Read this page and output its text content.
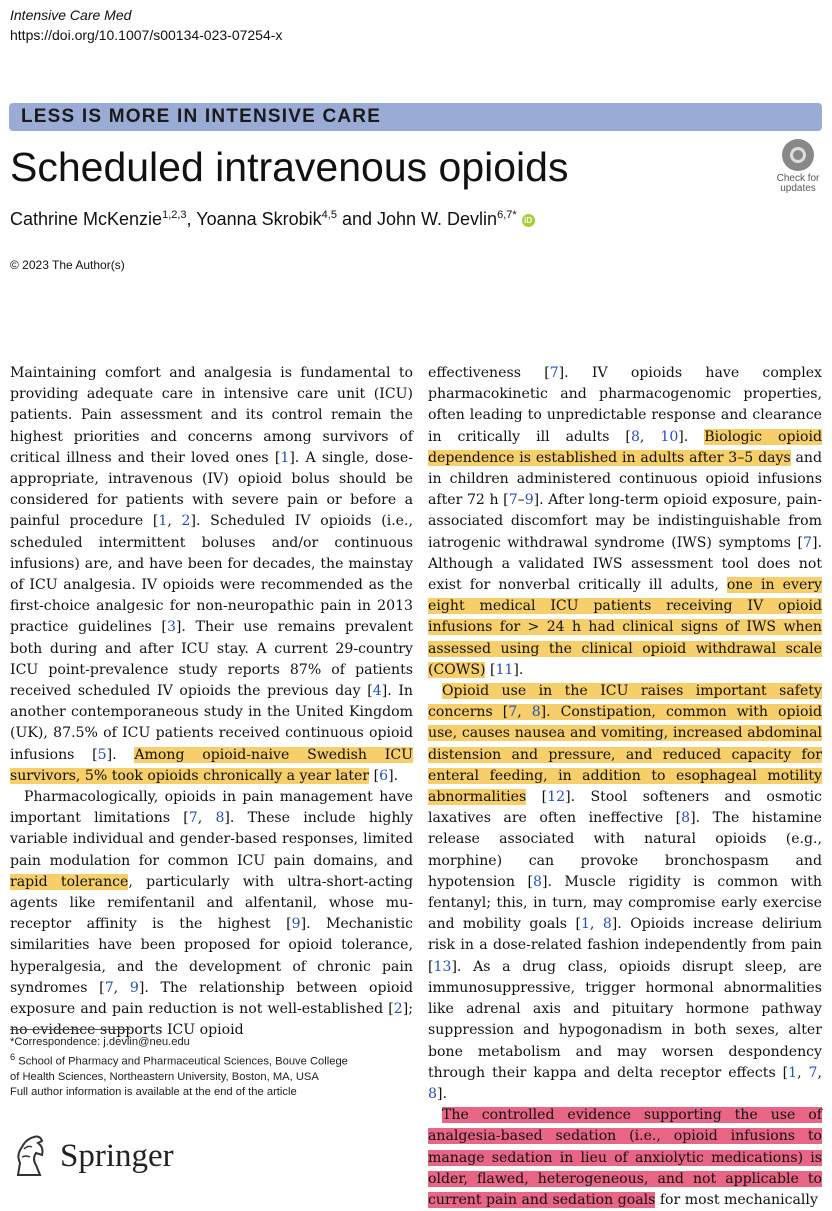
Intensive Care Med
https://doi.org/10.1007/s00134-023-07254-x
LESS IS MORE IN INTENSIVE CARE
Scheduled intravenous opioids	Check for
updates
Cathrine McKenzie$^{1,2,3}$, Yoanna Skrobik$^{4,5}$ and John W. Devlin$^{6,7*}$ iD
© 2023 The Author(s)

Maintaining comfort and analgesia is fundamental to providing adequate care in intensive care unit (ICU) patients. Pain assessment and its control remain the highest priorities and concerns among survivors of critical illness and their loved ones [1]. A single, dose-appropriate, intravenous (IV) opioid bolus should be considered for patients with severe pain or before a painful procedure [1, 2]. Scheduled IV opioids (i.e., scheduled intermittent boluses and/or continuous infusions) are, and have been for decades, the mainstay of ICU analgesia. IV opioids were recommended as the first-choice analgesic for non-neuropathic pain in 2013 practice guidelines [3]. Their use remains prevalent both during and after ICU stay. A current 29-country ICU point-prevalence study reports 87% of patients received scheduled IV opioids the previous day [4]. In another contemporaneous study in the United Kingdom (UK), 87.5% of ICU patients received continuous opioid infusions [5]. Among opioid-naive Swedish ICU survivors, 5% took opioids chronically a year later [6].

Pharmacologically, opioids in pain management have important limitations [7, 8]. These include highly variable individual and gender-based responses, limited pain modulation for common ICU pain domains, and rapid tolerance, particularly with ultra-short-acting agents like remifentanil and alfentanil, whose mu-receptor affinity is the highest [9]. Mechanistic similarities have been proposed for opioid tolerance, hyperalgesia, and the development of chronic pain syndromes [7, 9]. The relationship between opioid exposure and pain reduction is not well-established [2]; no evidence supports ICU opioid

effectiveness [7]. IV opioids have complex pharmacokinetic and pharmacogenomic properties, often leading to unpredictable response and clearance in critically ill adults [8, 10]. Biologic opioid dependence is established in adults after 3–5 days and in children administered continuous opioid infusions after 72 h [7–9]. After long-term opioid exposure, pain-associated discomfort may be indistinguishable from iatrogenic withdrawal syndrome (IWS) symptoms [7]. Although a validated IWS assessment tool does not exist for nonverbal critically ill adults, one in every eight medical ICU patients receiving IV opioid infusions for > 24 h had clinical signs of IWS when assessed using the clinical opioid withdrawal scale (COWS) [11].

Opioid use in the ICU raises important safety concerns [7, 8]. Constipation, common with opioid use, causes nausea and vomiting, increased abdominal distension and pressure, and reduced capacity for enteral feeding, in addition to esophageal motility abnormalities [12]. Stool softeners and osmotic laxatives are often ineffective [8]. The histamine release associated with natural opioids (e.g., morphine) can provoke bronchospasm and hypotension [8]. Muscle rigidity is common with fentanyl; this, in turn, may compromise early exercise and mobility goals [1, 8]. Opioids increase delirium risk in a dose-related fashion independently from pain [13]. As a drug class, opioids disrupt sleep, are immunosuppressive, trigger hormonal abnormalities like adrenal axis and pituitary hormone pathway suppression and hypogonadism in both sexes, alter bone metabolism and may worsen despondency through their kappa and delta receptor effects [1, 7, 8].

The controlled evidence supporting the use of analgesia-based sedation (i.e., opioid infusions to manage sedation in lieu of anxiolytic medications) is older, flawed, heterogeneous, and not applicable to current pain and sedation goals for most mechanically

*Correspondence: j.devlin@neu.edu
$^6$ School of Pharmacy and Pharmaceutical Sciences, Bouve College
of Health Sciences, Northeastern University, Boston, MA, USA
Full author information is available at the end of the article
Springer
